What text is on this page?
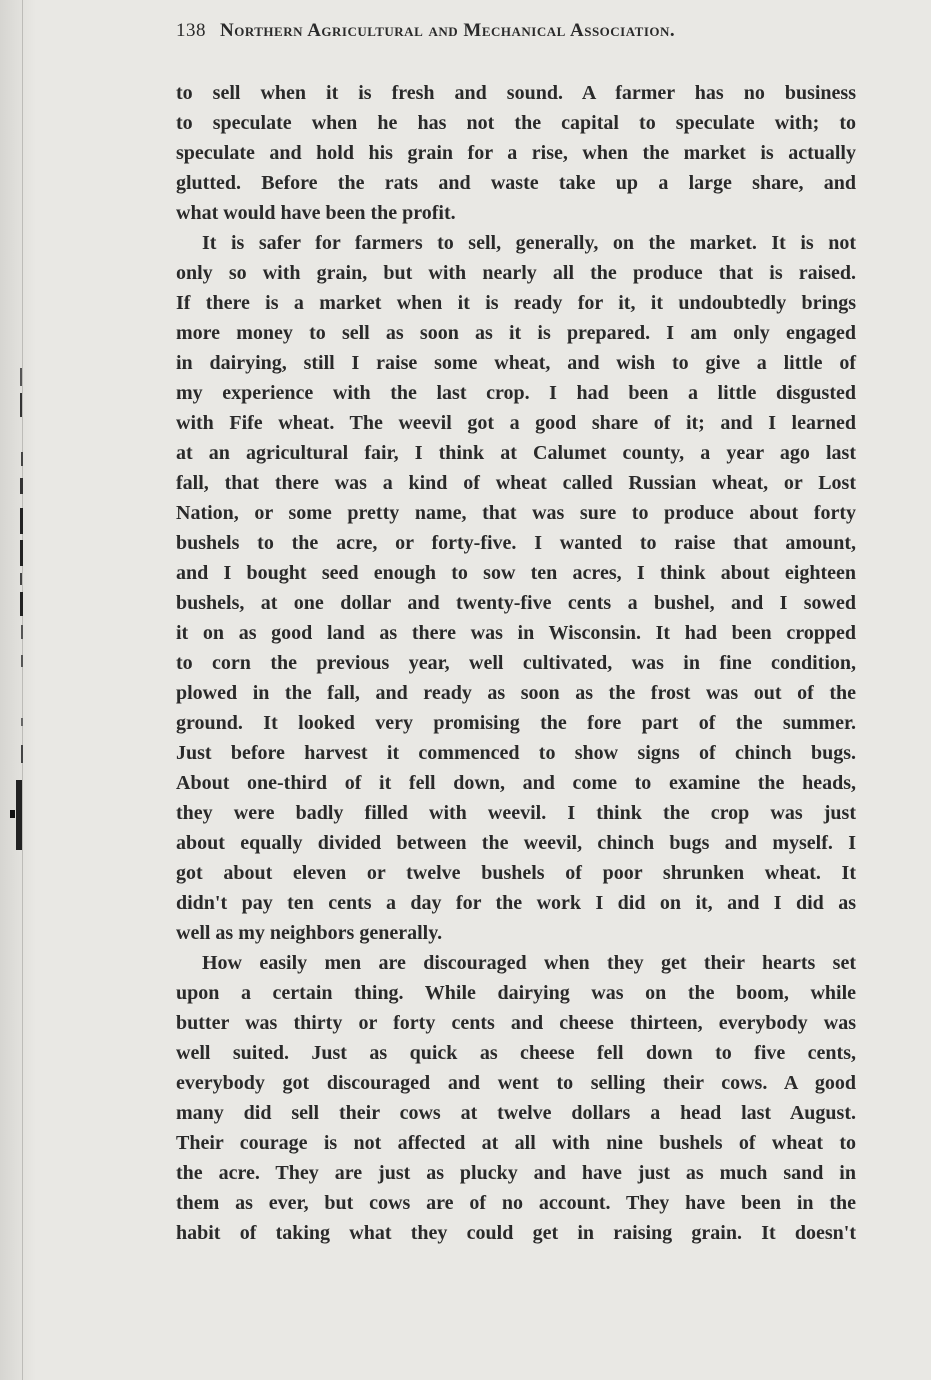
138 Northern Agricultural and Mechanical Association.
to sell when it is fresh and sound. A farmer has no business
to speculate when he has not the capital to speculate with; to
speculate and hold his grain for a rise, when the market is actually
glutted. Before the rats and waste take up a large share, and
what would have been the profit.
It is safer for farmers to sell, generally, on the market. It is not
only so with grain, but with nearly all the produce that is raised.
If there is a market when it is ready for it, it undoubtedly brings
more money to sell as soon as it is prepared. I am only engaged
in dairying, still I raise some wheat, and wish to give a little of
my experience with the last crop. I had been a little disgusted
with Fife wheat. The weevil got a good share of it; and I learned
at an agricultural fair, I think at Calumet county, a year ago last
fall, that there was a kind of wheat called Russian wheat, or Lost
Nation, or some pretty name, that was sure to produce about forty
bushels to the acre, or forty-five. I wanted to raise that amount,
and I bought seed enough to sow ten acres, I think about eighteen
bushels, at one dollar and twenty-five cents a bushel, and I sowed
it on as good land as there was in Wisconsin. It had been cropped
to corn the previous year, well cultivated, was in fine condition,
plowed in the fall, and ready as soon as the frost was out of the
ground. It looked very promising the fore part of the summer.
Just before harvest it commenced to show signs of chinch bugs.
About one-third of it fell down, and come to examine the heads,
they were badly filled with weevil. I think the crop was just
about equally divided between the weevil, chinch bugs and myself. I
got about eleven or twelve bushels of poor shrunken wheat. It
didn't pay ten cents a day for the work I did on it, and I did as
well as my neighbors generally.
How easily men are discouraged when they get their hearts set
upon a certain thing. While dairying was on the boom, while
butter was thirty or forty cents and cheese thirteen, everybody was
well suited. Just as quick as cheese fell down to five cents,
everybody got discouraged and went to selling their cows. A good
many did sell their cows at twelve dollars a head last August.
Their courage is not affected at all with nine bushels of wheat to
the acre. They are just as plucky and have just as much sand in
them as ever, but cows are of no account. They have been in the
habit of taking what they could get in raising grain. It doesn't
